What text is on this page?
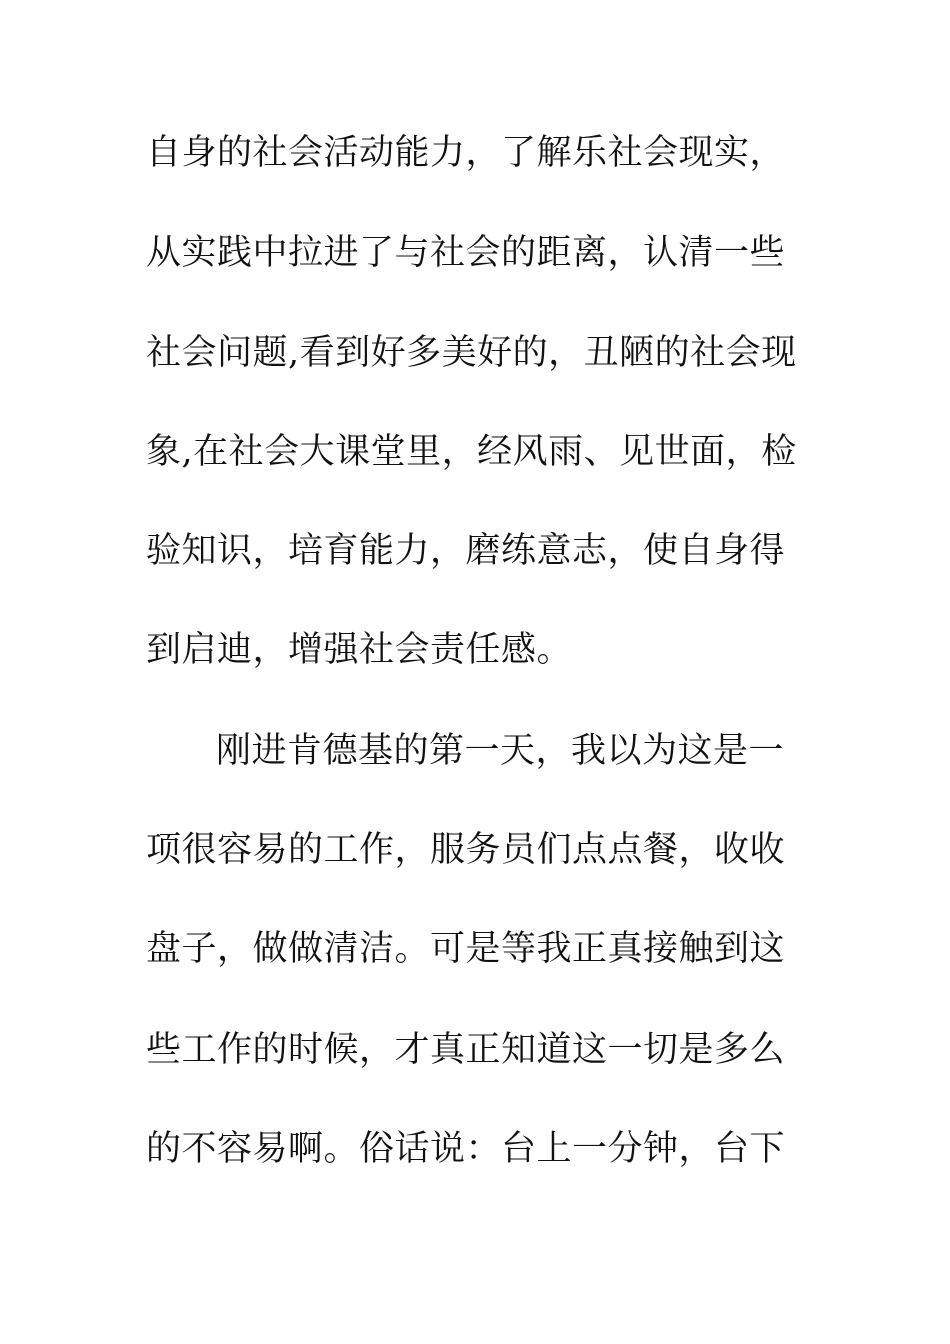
自身的社会活动能力，了解乐社会现实，
从实践中拉进了与社会的距离，认清一些
社会问题,看到好多美好的，丑陋的社会现
象,在社会大课堂里，经风雨、见世面，检
验知识，培育能力，磨练意志，使自身得
到启迪，增强社会责任感。
刚进肯德基的第一天，我以为这是一
项很容易的工作，服务员们点点餐，收收
盘子，做做清洁。可是等我正真接触到这
些工作的时候，才真正知道这一切是多么
的不容易啊。俗话说：台上一分钟，台下
